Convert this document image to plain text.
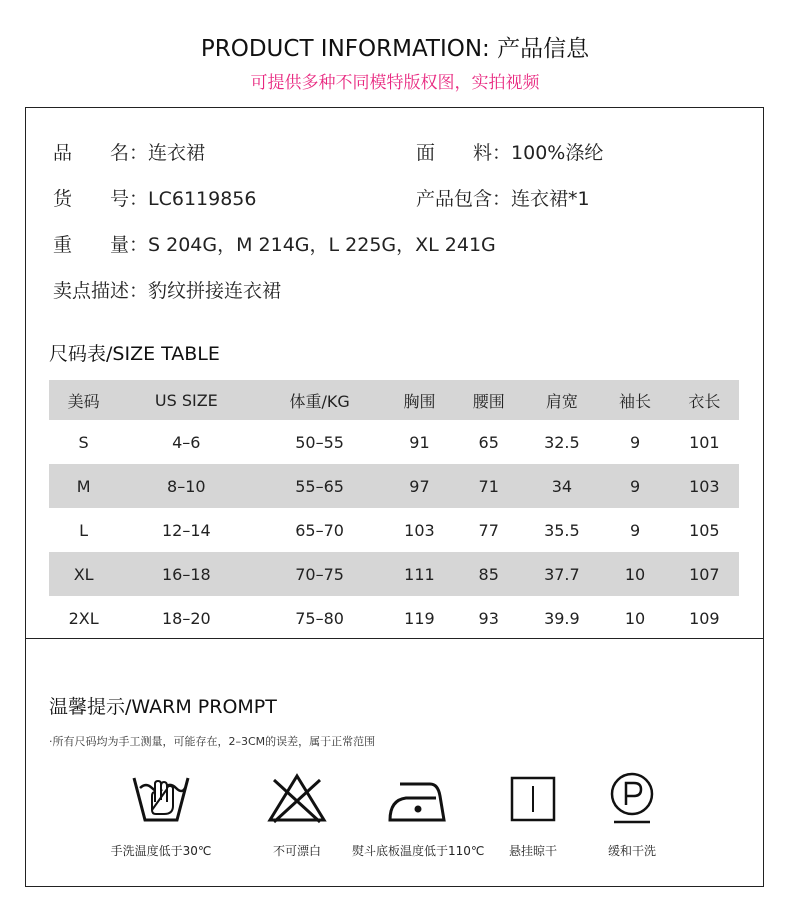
PRODUCT INFORMATION: 产品信息
可提供多种不同模特版权图，实拍视频
品　　名：连衣裙	面　　料：100%涤纶
货　　号：LC6119856	产品包含：连衣裙*1
重　　量：S 204G，M 214G，L 225G，XL 241G
卖点描述：豹纹拼接连衣裙
尺码表/SIZE TABLE
美码	US SIZE	体重/KG	胸围	腰围	肩宽	袖长	衣长
S	4–6	50–55	91	65	32.5	9	101
M	8–10	55–65	97	71	34	9	103
L	12–14	65–70	103	77	35.5	9	105
XL	16–18	70–75	111	85	37.7	10	107
2XL	18–20	75–80	119	93	39.9	10	109
温馨提示/WARM PROMPT
·所有尺码均为手工测量，可能存在，2–3CM的误差，属于正常范围
手洗温度低于30℃	不可漂白	熨斗底板温度低于110℃	悬挂晾干	缓和干洗
